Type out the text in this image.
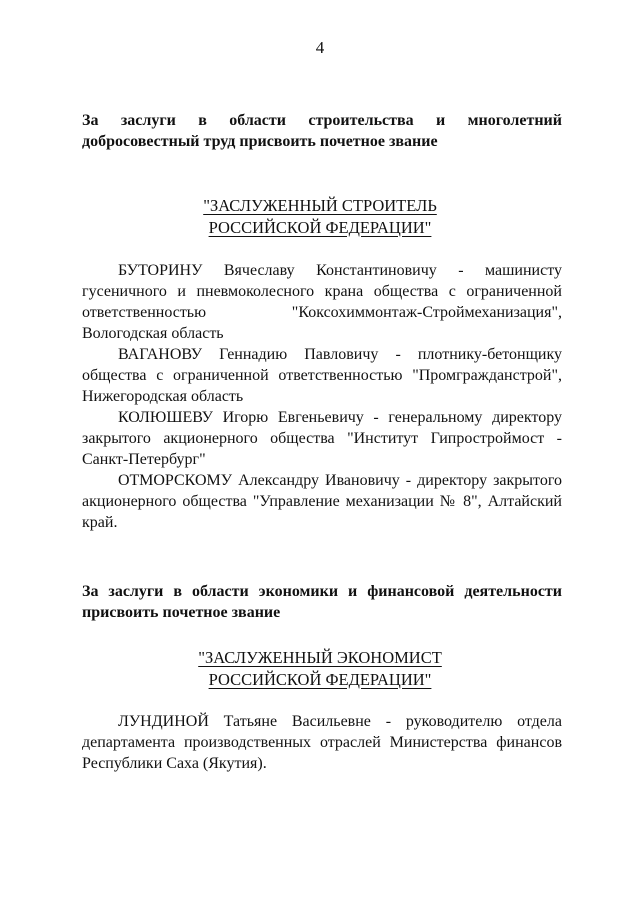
4
За заслуги в области строительства и многолетний добросовестный труд присвоить почетное звание
"ЗАСЛУЖЕННЫЙ СТРОИТЕЛЬ
РОССИЙСКОЙ ФЕДЕРАЦИИ"
БУТОРИНУ Вячеславу Константиновичу - машинисту гусеничного и пневмоколесного крана общества с ограниченной ответственностью "Коксохиммонтаж-Строймеханизация", Вологодская область
ВАГАНОВУ Геннадию Павловичу - плотнику-бетонщику общества с ограниченной ответственностью "Промгражданстрой", Нижегородская область
КОЛЮШЕВУ Игорю Евгеньевичу - генеральному директору закрытого акционерного общества "Институт Гипростроймост - Санкт-Петербург"
ОТМОРСКОМУ Александру Ивановичу - директору закрытого акционерного общества "Управление механизации № 8", Алтайский край.
За заслуги в области экономики и финансовой деятельности присвоить почетное звание
"ЗАСЛУЖЕННЫЙ ЭКОНОМИСТ
РОССИЙСКОЙ ФЕДЕРАЦИИ"
ЛУНДИНОЙ Татьяне Васильевне - руководителю отдела департамента производственных отраслей Министерства финансов Республики Саха (Якутия).
